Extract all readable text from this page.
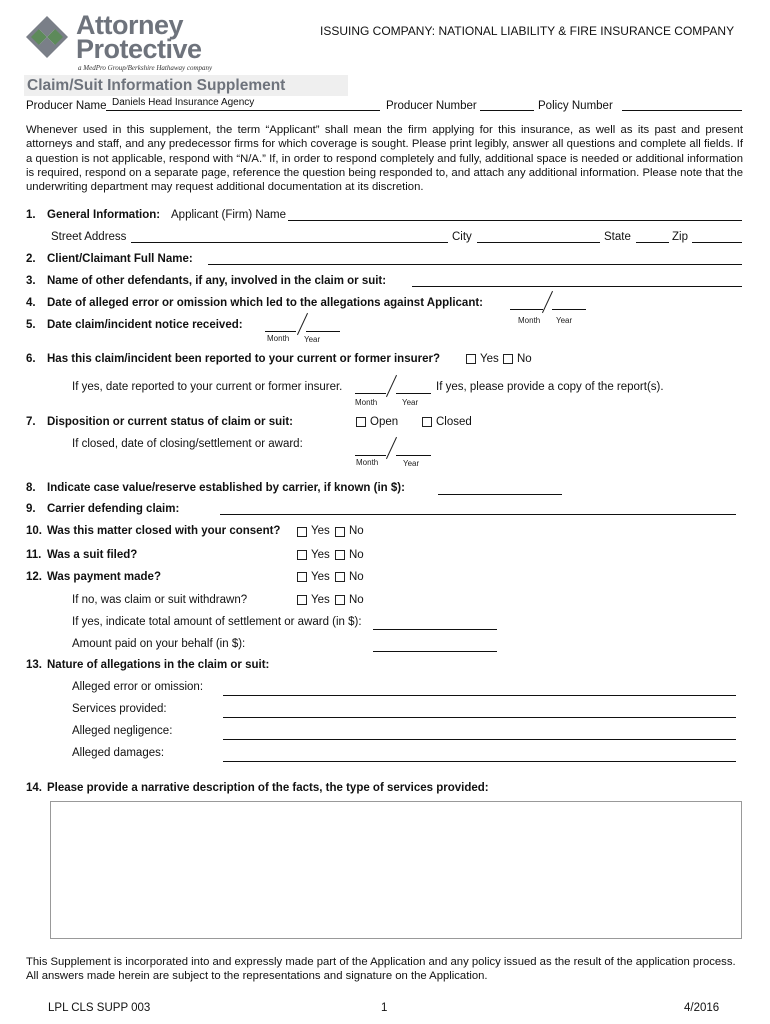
Attorney
Protective
a MedPro Group/Berkshire Hathaway company
ISSUING COMPANY: NATIONAL LIABILITY & FIRE INSURANCE COMPANY
Claim/Suit Information Supplement
Producer Name Daniels Head Insurance Agency	Producer Number	Policy Number
Whenever used in this supplement, the term “Applicant” shall mean the firm applying for this insurance, as well as its past and present attorneys and staff, and any predecessor firms for which coverage is sought. Please print legibly, answer all questions and complete all fields. If a question is not applicable, respond with “N/A.” If, in order to respond completely and fully, additional space is needed or additional information is required, respond on a separate page, reference the question being responded to, and attach any additional information. Please note that the underwriting department may request additional documentation at its discretion.
1. General Information: Applicant (Firm) Name
Street Address	City	State	Zip
2. Client/Claimant Full Name:
3. Name of other defendants, if any, involved in the claim or suit:
4. Date of alleged error or omission which led to the allegations against Applicant:
Month Year
5. Date claim/incident notice received:
Month Year
6. Has this claim/incident been reported to your current or former insurer?	Yes No
If yes, date reported to your current or former insurer.
Month	Year
If yes, please provide a copy of the report(s).
7. Disposition or current status of claim or suit:	Open	Closed
If closed, date of closing/settlement or award:
Month	Year
8. Indicate case value/reserve established by carrier, if known (in $):
9. Carrier defending claim:
10. Was this matter closed with your consent?	Yes No
11. Was a suit filed?	Yes No
12. Was payment made?	Yes No
If no, was claim or suit withdrawn?	Yes No
If yes, indicate total amount of settlement or award (in $):
Amount paid on your behalf (in $):
13. Nature of allegations in the claim or suit:
Alleged error or omission:
Services provided:
Alleged negligence:
Alleged damages:
14. Please provide a narrative description of the facts, the type of services provided:
This Supplement is incorporated into and expressly made part of the Application and any policy issued as the result of the application process. All answers made herein are subject to the representations and signature on the Application.
LPL CLS SUPP 003	1	4/2016
